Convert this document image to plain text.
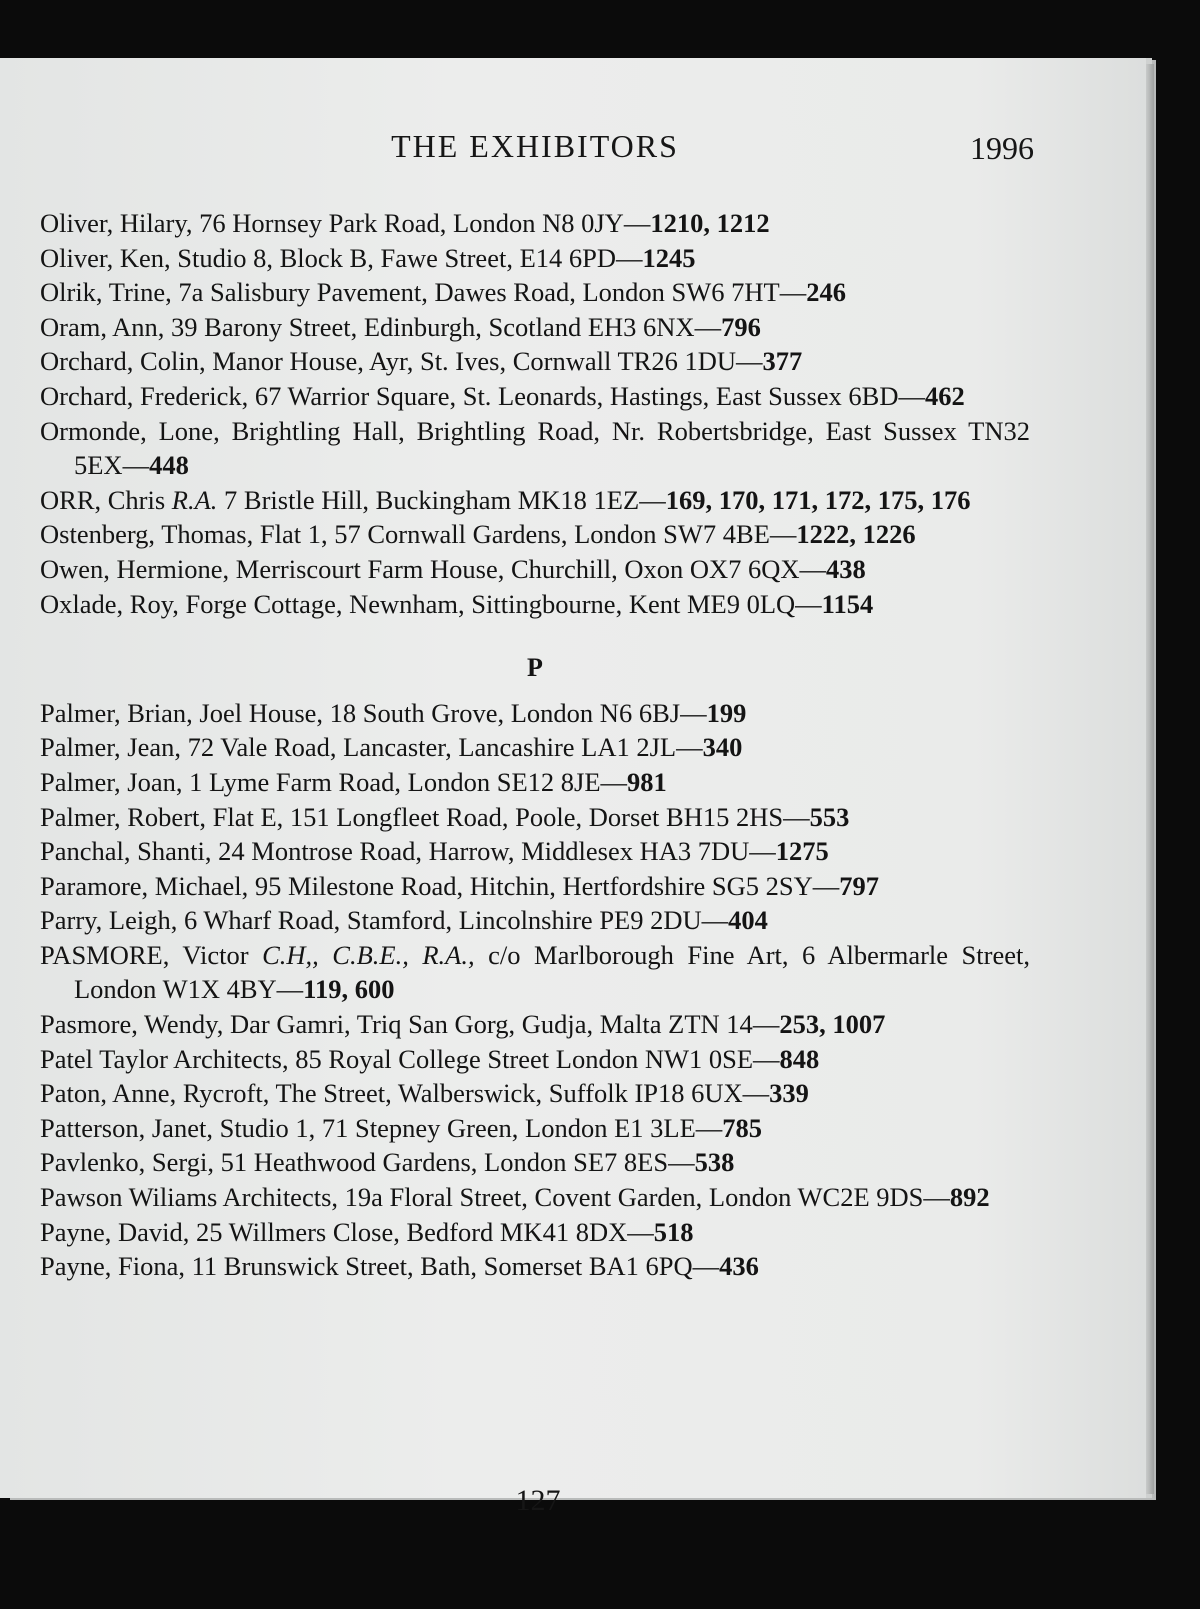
THE EXHIBITORS	1996
Oliver, Hilary, 76 Hornsey Park Road, London N8 0JY—1210, 1212
Oliver, Ken, Studio 8, Block B, Fawe Street, E14 6PD—1245
Olrik, Trine, 7a Salisbury Pavement, Dawes Road, London SW6 7HT—246
Oram, Ann, 39 Barony Street, Edinburgh, Scotland EH3 6NX—796
Orchard, Colin, Manor House, Ayr, St. Ives, Cornwall TR26 1DU—377
Orchard, Frederick, 67 Warrior Square, St. Leonards, Hastings, East Sussex 6BD—462
Ormonde, Lone, Brightling Hall, Brightling Road, Nr. Robertsbridge, East Sussex TN32 5EX—448
ORR, Chris R.A. 7 Bristle Hill, Buckingham MK18 1EZ—169, 170, 171, 172, 175, 176
Ostenberg, Thomas, Flat 1, 57 Cornwall Gardens, London SW7 4BE—1222, 1226
Owen, Hermione, Merriscourt Farm House, Churchill, Oxon OX7 6QX—438
Oxlade, Roy, Forge Cottage, Newnham, Sittingbourne, Kent ME9 0LQ—1154
P
Palmer, Brian, Joel House, 18 South Grove, London N6 6BJ—199
Palmer, Jean, 72 Vale Road, Lancaster, Lancashire LA1 2JL—340
Palmer, Joan, 1 Lyme Farm Road, London SE12 8JE—981
Palmer, Robert, Flat E, 151 Longfleet Road, Poole, Dorset BH15 2HS—553
Panchal, Shanti, 24 Montrose Road, Harrow, Middlesex HA3 7DU—1275
Paramore, Michael, 95 Milestone Road, Hitchin, Hertfordshire SG5 2SY—797
Parry, Leigh, 6 Wharf Road, Stamford, Lincolnshire PE9 2DU—404
PASMORE, Victor C.H,, C.B.E., R.A., c/o Marlborough Fine Art, 6 Albermarle Street, London W1X 4BY—119, 600
Pasmore, Wendy, Dar Gamri, Triq San Gorg, Gudja, Malta ZTN 14—253, 1007
Patel Taylor Architects, 85 Royal College Street London NW1 0SE—848
Paton, Anne, Rycroft, The Street, Walberswick, Suffolk IP18 6UX—339
Patterson, Janet, Studio 1, 71 Stepney Green, London E1 3LE—785
Pavlenko, Sergi, 51 Heathwood Gardens, London SE7 8ES—538
Pawson Wiliams Architects, 19a Floral Street, Covent Garden, London WC2E 9DS—892
Payne, David, 25 Willmers Close, Bedford MK41 8DX—518
Payne, Fiona, 11 Brunswick Street, Bath, Somerset BA1 6PQ—436
127
